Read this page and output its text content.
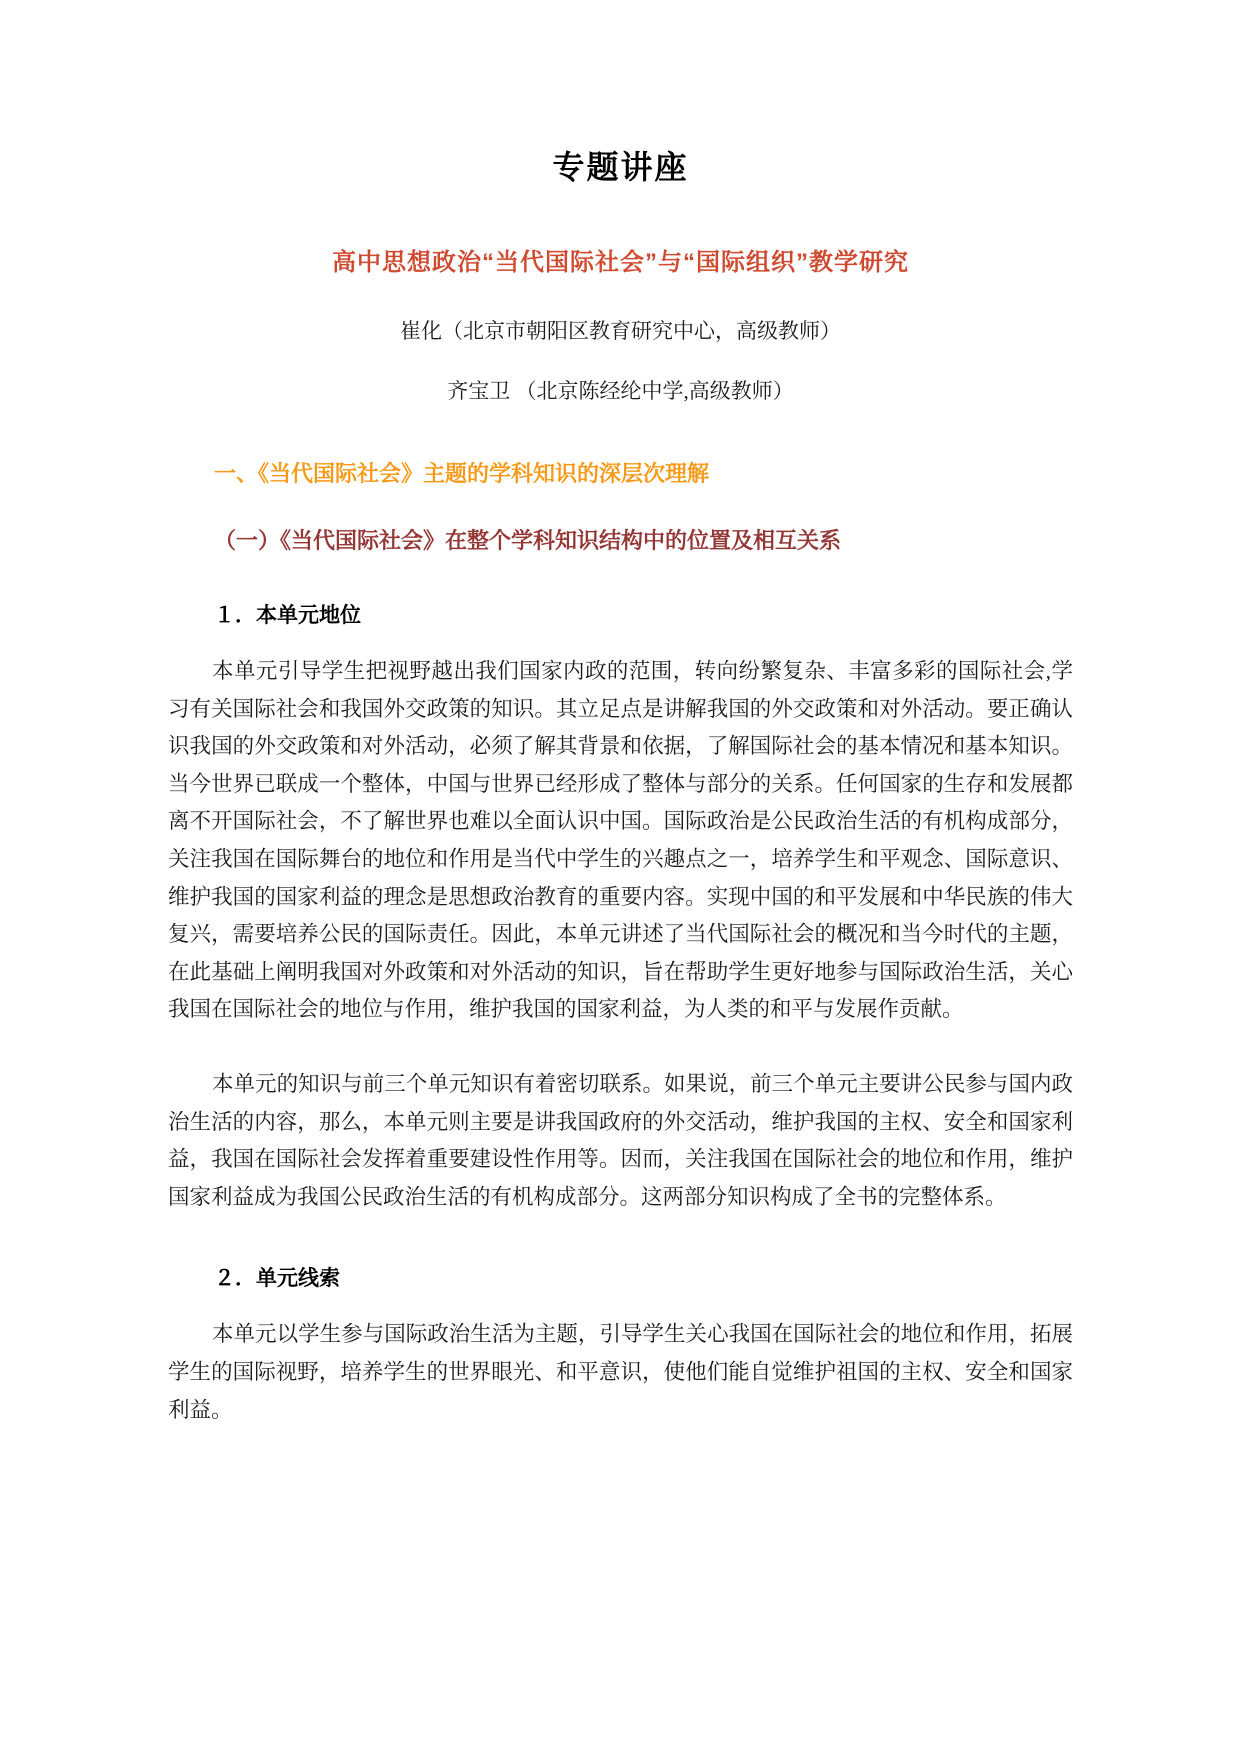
专题讲座
高中思想政治“当代国际社会”与“国际组织”教学研究

崔化（北京市朝阳区教育研究中心，高级教师）

齐宝卫 （北京陈经纶中学,高级教师）

一、《当代国际社会》主题的学科知识的深层次理解
（一）《当代国际社会》在整个学科知识结构中的位置及相互关系
１．本单元地位

本单元引导学生把视野越出我们国家内政的范围，转向纷繁复杂、丰富多彩的国际社会,学习有关国际社会和我国外交政策的知识。其立足点是讲解我国的外交政策和对外活动。要正确认识我国的外交政策和对外活动，必须了解其背景和依据，了解国际社会的基本情况和基本知识。当今世界已联成一个整体，中国与世界已经形成了整体与部分的关系。任何国家的生存和发展都离不开国际社会，不了解世界也难以全面认识中国。国际政治是公民政治生活的有机构成部分，关注我国在国际舞台的地位和作用是当代中学生的兴趣点之一，培养学生和平观念、国际意识、维护我国的国家利益的理念是思想政治教育的重要内容。实现中国的和平发展和中华民族的伟大复兴，需要培养公民的国际责任。因此，本单元讲述了当代国际社会的概况和当今时代的主题，在此基础上阐明我国对外政策和对外活动的知识，旨在帮助学生更好地参与国际政治生活，关心我国在国际社会的地位与作用，维护我国的国家利益，为人类的和平与发展作贡献。

本单元的知识与前三个单元知识有着密切联系。如果说，前三个单元主要讲公民参与国内政治生活的内容，那么，本单元则主要是讲我国政府的外交活动，维护我国的主权、安全和国家利益，我国在国际社会发挥着重要建设性作用等。因而，关注我国在国际社会的地位和作用，维护国家利益成为我国公民政治生活的有机构成部分。这两部分知识构成了全书的完整体系。

２．单元线索

本单元以学生参与国际政治生活为主题，引导学生关心我国在国际社会的地位和作用，拓展学生的国际视野，培养学生的世界眼光、和平意识，使他们能自觉维护祖国的主权、安全和国家利益。
